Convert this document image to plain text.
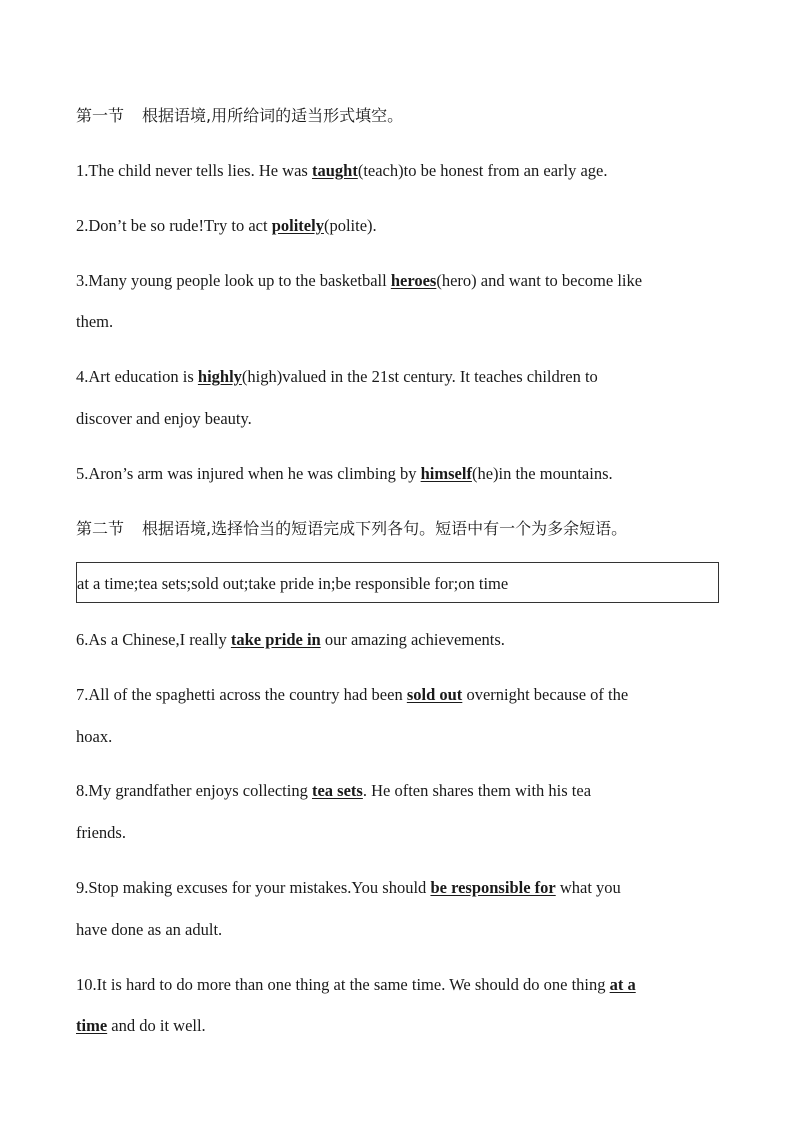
第一节 根据语境,用所给词的适当形式填空。
1.The child never tells lies. He was taught(teach)to be honest from an early age.
2.Don’t be so rude!Try to act politely(polite).
3.Many young people look up to the basketball heroes(hero) and want to become like
them.
4.Art education is highly(high)valued in the 21st century. It teaches children to
discover and enjoy beauty.
5.Aron’s arm was injured when he was climbing by himself(he)in the mountains.
第二节 根据语境,选择恰当的短语完成下列各句。短语中有一个为多余短语。
at a time;tea sets;sold out;take pride in;be responsible for;on time
6.As a Chinese,I really take pride in our amazing achievements.
7.All of the spaghetti across the country had been sold out overnight because of the
hoax.
8.My grandfather enjoys collecting tea sets. He often shares them with his tea
friends.
9.Stop making excuses for your mistakes.You should be responsible for what you
have done as an adult.
10.It is hard to do more than one thing at the same time. We should do one thing at a
time and do it well.
